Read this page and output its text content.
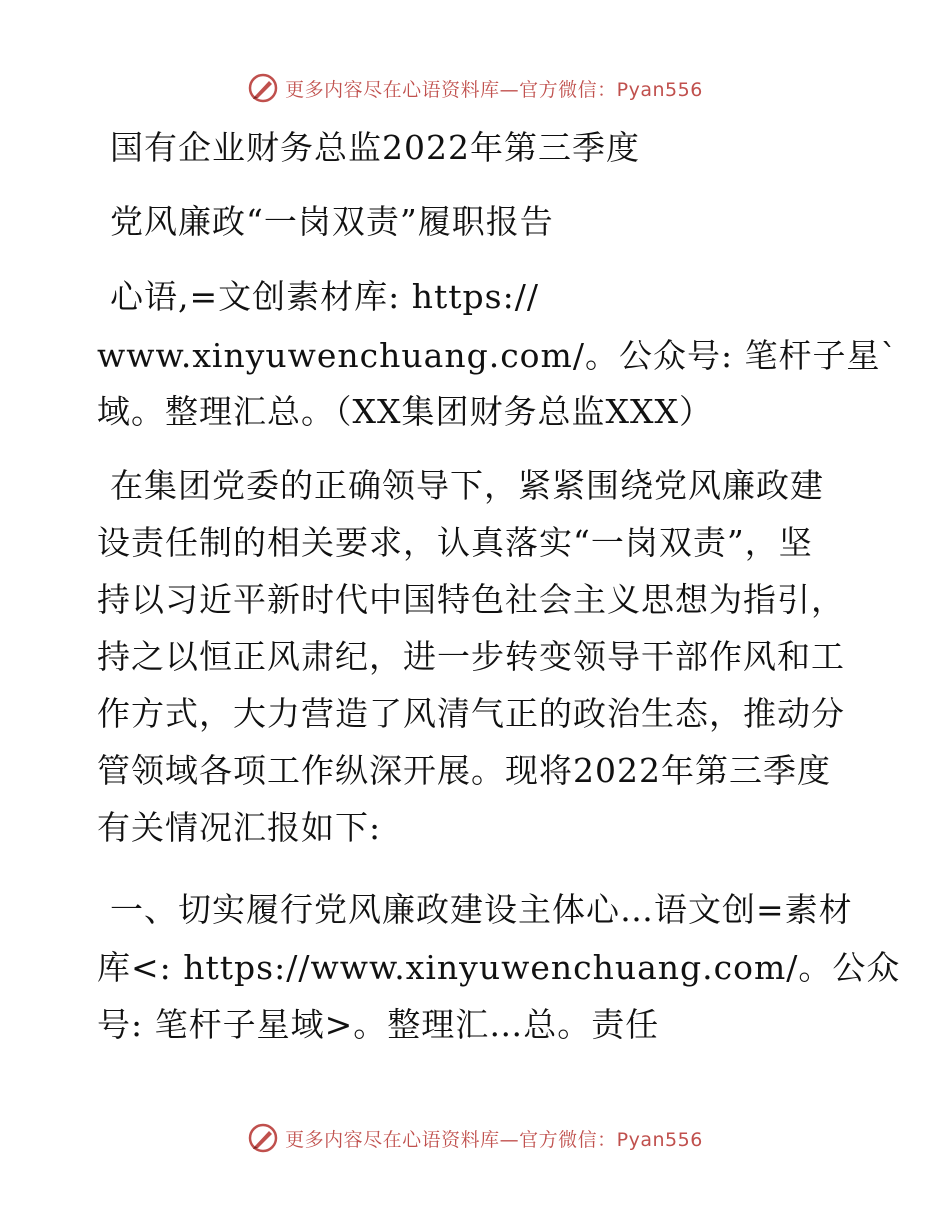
更多内容尽在心语资料库—官方微信：Pyan556
国有企业财务总监2022年第三季度
党风廉政“一岗双责”履职报告
心语,=文创素材库: https://
www.xinyuwenchuang.com/。公众号: 笔杆子星`
域。整理汇总。（XX集团财务总监XXX）
在集团党委的正确领导下，紧紧围绕党风廉政建
设责任制的相关要求，认真落实“一岗双责”，坚
持以习近平新时代中国特色社会主义思想为指引，
持之以恒正风肃纪，进一步转变领导干部作风和工
作方式，大力营造了风清气正的政治生态，推动分
管领域各项工作纵深开展。现将2022年第三季度
有关情况汇报如下:
一、切实履行党风廉政建设主体心…语文创=素材
库<: https://www.xinyuwenchuang.com/。公众
号: 笔杆子星域>。整理汇…总。责任
更多内容尽在心语资料库—官方微信：Pyan556
